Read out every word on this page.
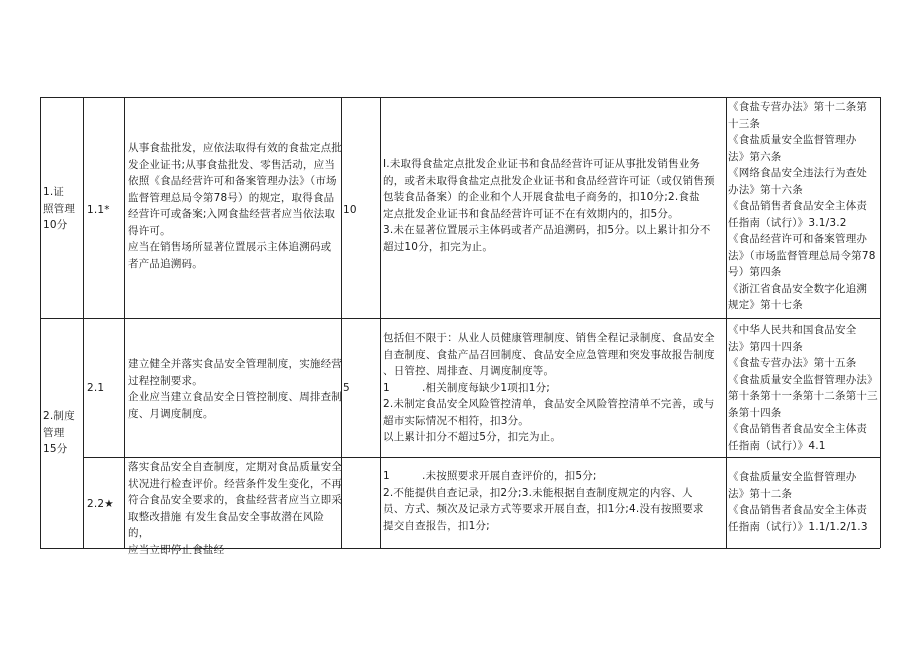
1.证
照管理
10分
1.1*
从事食盐批发，应依法取得有效的食盐定点批
发企业证书;从事食盐批发、零售活动，应当
依照《食品经营许可和备案管理办法》（市场
监督管理总局令第78号）的规定，取得食品
经营许可或备案;入网食盐经营者应当依法取
得许可。
应当在销售场所显著位置展示主体追溯码或
者产品追溯码。
10
I.未取得食盐定点批发企业证书和食品经营许可证从事批发销售业务
的，或者未取得食盐定点批发企业证书和食品经营许可证（或仅销售预
包装食品备案）的企业和个人开展食盐电子商务的，扣10分;2.食盐
定点批发企业证书和食品经营许可证不在有效期内的，扣5分。
3.未在显著位置展示主体码或者产品追溯码，扣5分。以上累计扣分不
超过10分，扣完为止。
《食盐专营办法》第十二条第
十三条
《食盐质量安全监督管理办
法》第六条
《网络食品安全违法行为查处
办法》第十六条
《食品销售者食品安全主体责
任指南（试行）》3.1/3.2
《食品经营许可和备案管理办
法》（市场监督管理总局令第78
号）第四条
《浙江省食品安全数字化追溯
规定》第十七条
2.制度
管理
15分
2.1
建立健全并落实食品安全管理制度，实施经营
过程控制要求。
企业应当建立食品安全日管控制度、周排查制
度、月调度制度。
5
包括但不限于：从业人员健康管理制度、销售全程记录制度、食品安全
自查制度、食盐产品召回制度、食品安全应急管理和突发事故报告制度
、日管控、周排查、月调度制度等。
1　　　.相关制度每缺少1项扣1分;
2.未制定食品安全风险管控清单，食品安全风险管控清单不完善，或与
超市实际情况不相符，扣3分。
以上累计扣分不超过5分，扣完为止。
《中华人民共和国食品安全
法》第四十四条
《食盐专营办法》第十五条
《食盐质量安全监督管理办法》
第十条第十一条第十二条第十三
条第十四条
《食品销售者食品安全主体责
任指南（试行）》4.1
2.2★
落实食品安全自查制度，定期对食品质量安全
状况进行检查评价。经营条件发生变化，不再
符合食品安全要求的，食盐经营者应当立即采
取整改措施 有发生食品安全事故潜在风险的，
应当立即停止食盐经
1　　　.未按照要求开展自查评价的，扣5分;
2.不能提供自查记录，扣2分;3.未能根据自查制度规定的内容、人
员、方式、频次及记录方式等要求开展自查，扣1分;4.没有按照要求
提交自查报告，扣1分;
《食盐质量安全监督管理办
法》第十二条
《食品销售者食品安全主体责
任指南（试行）》1.1/1.2/1.3
